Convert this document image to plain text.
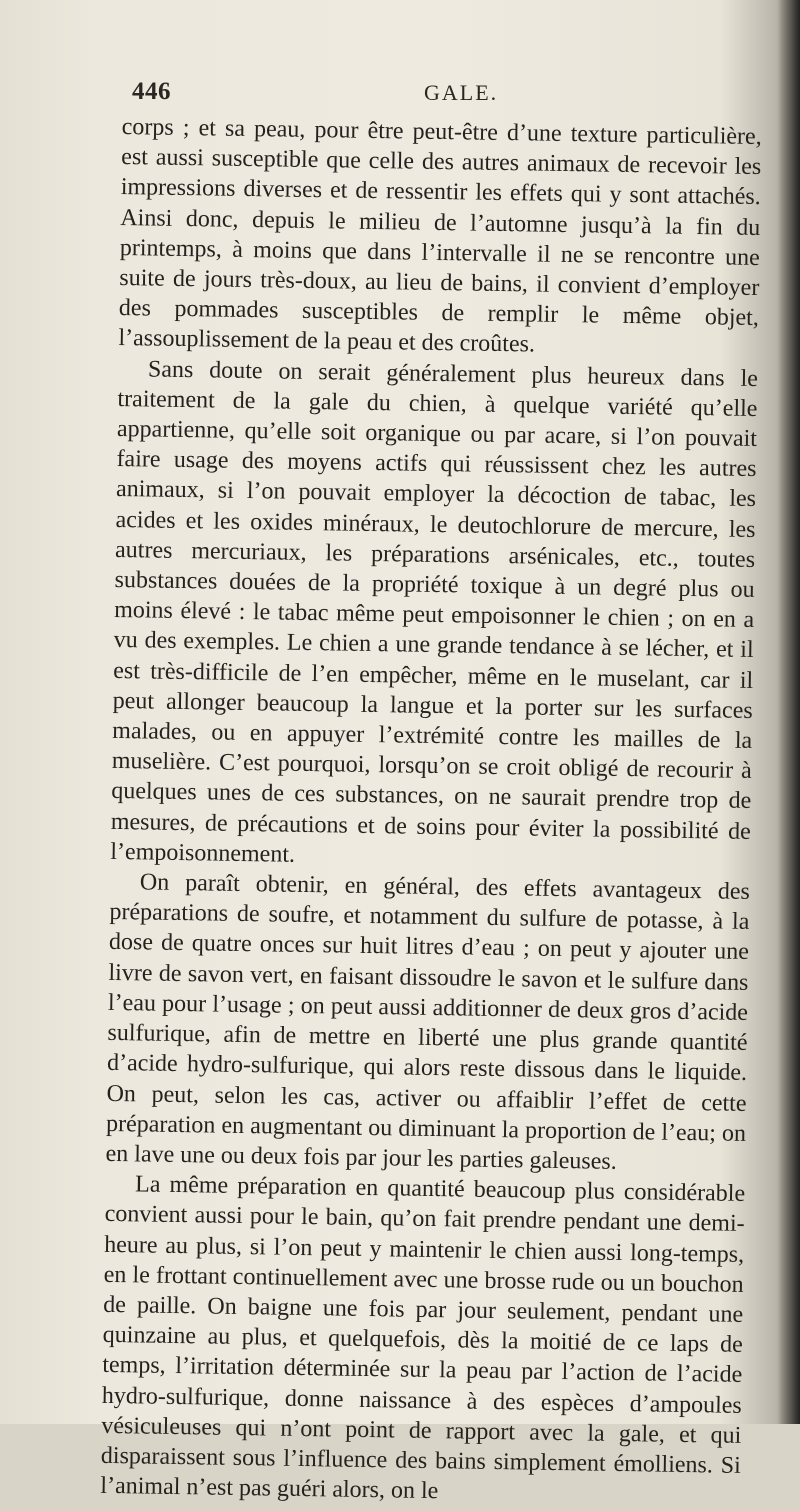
446	GALE.

corps ; et sa peau, pour être peut-être d’une texture particulière, est aussi susceptible que celle des autres animaux de recevoir les impressions diverses et de ressentir les effets qui y sont attachés. Ainsi donc, depuis le milieu de l’automne jusqu’à la fin du printemps, à moins que dans l’intervalle il ne se rencontre une suite de jours très-doux, au lieu de bains, il convient d’employer des pommades susceptibles de remplir le même objet, l’assouplissement de la peau et des croûtes.

Sans doute on serait généralement plus heureux dans le traitement de la gale du chien, à quelque variété qu’elle appartienne, qu’elle soit organique ou par acare, si l’on pouvait faire usage des moyens actifs qui réussissent chez les autres animaux, si l’on pouvait employer la décoction de tabac, les acides et les oxides minéraux, le deutochlorure de mercure, les autres mercuriaux, les préparations arsénicales, etc., toutes substances douées de la propriété toxique à un degré plus ou moins élevé : le tabac même peut empoisonner le chien ; on en a vu des exemples. Le chien a une grande tendance à se lécher, et il est très-difficile de l’en empêcher, même en le muselant, car il peut allonger beaucoup la langue et la porter sur les surfaces malades, ou en appuyer l’extrémité contre les mailles de la muselière. C’est pourquoi, lorsqu’on se croit obligé de recourir à quelques unes de ces substances, on ne saurait prendre trop de mesures, de précautions et de soins pour éviter la possibilité de l’empoisonnement.

On paraît obtenir, en général, des effets avantageux des préparations de soufre, et notamment du sulfure de potasse, à la dose de quatre onces sur huit litres d’eau ; on peut y ajouter une livre de savon vert, en faisant dissoudre le savon et le sulfure dans l’eau pour l’usage ; on peut aussi additionner de deux gros d’acide sulfurique, afin de mettre en liberté une plus grande quantité d’acide hydro-sulfurique, qui alors reste dissous dans le liquide. On peut, selon les cas, activer ou affaiblir l’effet de cette préparation en augmentant ou diminuant la proportion de l’eau; on en lave une ou deux fois par jour les parties galeuses.

La même préparation en quantité beaucoup plus considérable convient aussi pour le bain, qu’on fait prendre pendant une demi-heure au plus, si l’on peut y maintenir le chien aussi long-temps, en le frottant continuellement avec une brosse rude ou un bouchon de paille. On baigne une fois par jour seulement, pendant une quinzaine au plus, et quelquefois, dès la moitié de ce laps de temps, l’irritation déterminée sur la peau par l’action de l’acide hydro-sulfurique, donne naissance à des espèces d’ampoules vésiculeuses qui n’ont point de rapport avec la gale, et qui disparaissent sous l’influence des bains simplement émolliens. Si l’animal n’est pas guéri alors, on le
